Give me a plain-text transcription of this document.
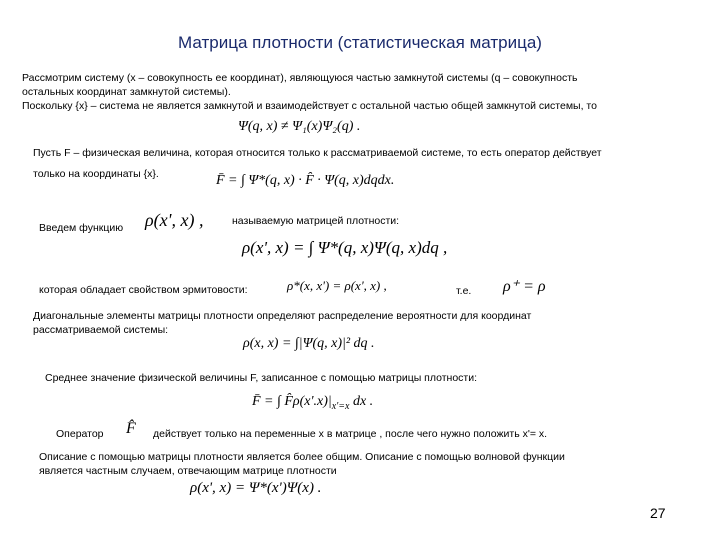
Матрица плотности (статистическая матрица)
Рассмотрим систему (x – совокупность ее координат), являющуюся частью замкнутой системы (q – совокупность
остальных координат замкнутой системы).
Поскольку {x} – система не является замкнутой и взаимодействует с остальной частью общей замкнутой системы, то
Ψ(q, x) ≠ Ψ₁(x)Ψ₂(q) .
Пусть F – физическая величина, которая относится только к рассматриваемой системе, то есть оператор действует
только на координаты {x}.	F̄ = ∫ Ψ*(q, x) · F̂ · Ψ(q, x)dqdx.
Введем функцию ρ(x', x) ,	называемую матрицей плотности:
ρ(x', x) = ∫ Ψ*(q, x)Ψ(q, x)dq ,
которая обладает свойством эрмитовости:	ρ*(x, x') = ρ(x', x) ,	т.е. ρ⁺ = ρ
Диагональные элементы матрицы плотности определяют распределение вероятности для координат
рассматриваемой системы:
ρ(x, x) = ∫|Ψ(q, x)|² dq .
Среднее значение физической величины F, записанное с помощью матрицы плотности:
F̄ = ∫ $F̂\rho(x'.x)|_{x'=x}$ dx .
Оператор F̂ действует только на переменные x в матрице , после чего нужно положить x'= x.
Описание с помощью матрицы плотности является более общим. Описание с помощью волновой функции
является частным случаем, отвечающим матрице плотности
ρ(x', x) = Ψ*(x')Ψ(x) .
27
